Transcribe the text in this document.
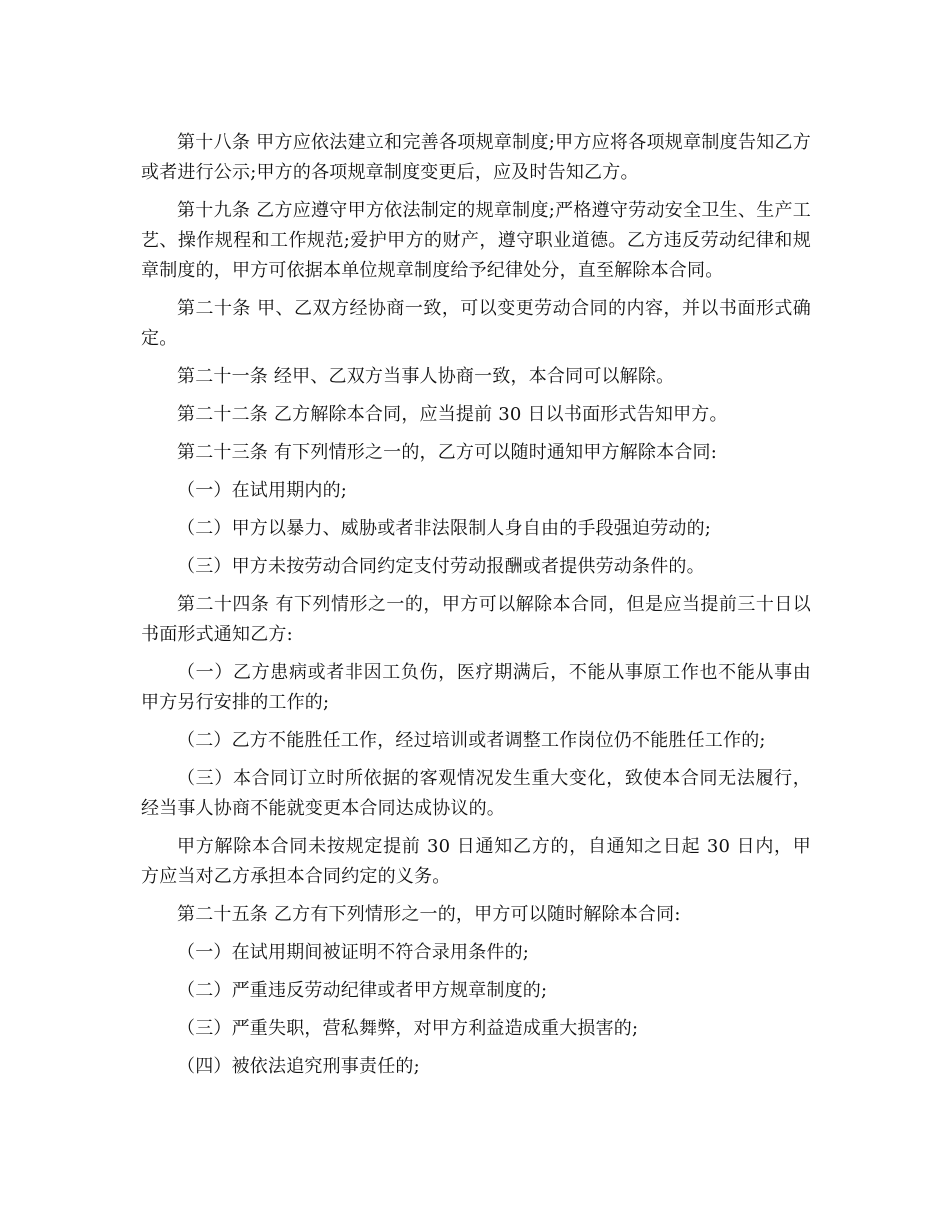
第十八条 甲方应依法建立和完善各项规章制度;甲方应将各项规章制度告知乙方或者进行公示;甲方的各项规章制度变更后，应及时告知乙方。

第十九条 乙方应遵守甲方依法制定的规章制度;严格遵守劳动安全卫生、生产工艺、操作规程和工作规范;爱护甲方的财产，遵守职业道德。乙方违反劳动纪律和规章制度的，甲方可依据本单位规章制度给予纪律处分，直至解除本合同。

第二十条 甲、乙双方经协商一致，可以变更劳动合同的内容，并以书面形式确定。

第二十一条 经甲、乙双方当事人协商一致，本合同可以解除。

第二十二条 乙方解除本合同，应当提前 30 日以书面形式告知甲方。

第二十三条 有下列情形之一的，乙方可以随时通知甲方解除本合同:

（一）在试用期内的;

（二）甲方以暴力、威胁或者非法限制人身自由的手段强迫劳动的;

（三）甲方未按劳动合同约定支付劳动报酬或者提供劳动条件的。

第二十四条 有下列情形之一的，甲方可以解除本合同，但是应当提前三十日以书面形式通知乙方:

（一）乙方患病或者非因工负伤，医疗期满后，不能从事原工作也不能从事由甲方另行安排的工作的;

（二）乙方不能胜任工作，经过培训或者调整工作岗位仍不能胜任工作的;

（三）本合同订立时所依据的客观情况发生重大变化，致使本合同无法履行，经当事人协商不能就变更本合同达成协议的。

甲方解除本合同未按规定提前 30 日通知乙方的，自通知之日起 30 日内，甲方应当对乙方承担本合同约定的义务。

第二十五条 乙方有下列情形之一的，甲方可以随时解除本合同:

（一）在试用期间被证明不符合录用条件的;

（二）严重违反劳动纪律或者甲方规章制度的;

（三）严重失职，营私舞弊，对甲方利益造成重大损害的;

（四）被依法追究刑事责任的;
